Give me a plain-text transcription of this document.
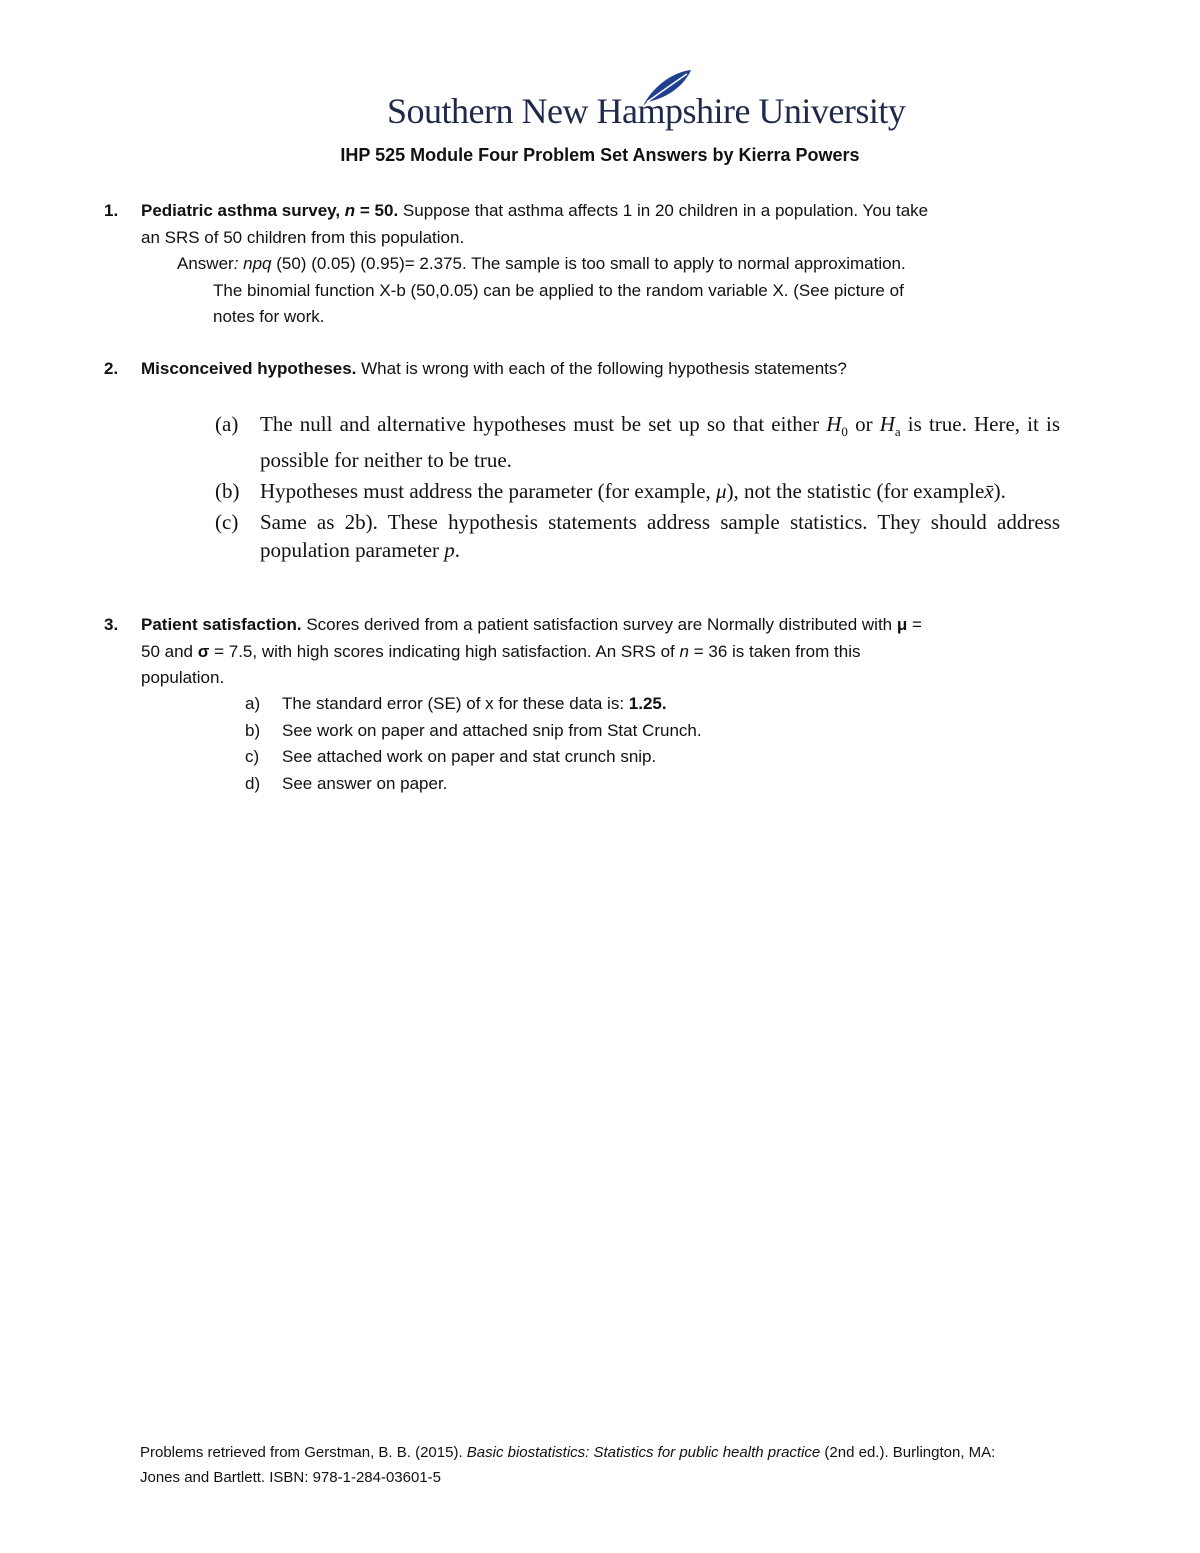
Southern New Hampshire University
IHP 525 Module Four Problem Set Answers by Kierra Powers
1. Pediatric asthma survey, n = 50. Suppose that asthma affects 1 in 20 children in a population. You take
an SRS of 50 children from this population.
Answer: npq (50) (0.05) (0.95)= 2.375. The sample is too small to apply to normal approximation.
The binomial function X-b (50,0.05) can be applied to the random variable X. (See picture of
notes for work.
2. Misconceived hypotheses. What is wrong with each of the following hypothesis statements?
(a) The null and alternative hypotheses must be set up so that either $H_0$ or $H_a$ is true. Here, it is possible for neither to be true.
(b) Hypotheses must address the parameter (for example, μ), not the statistic (for examplex̄).
(c) Same as 2b). These hypothesis statements address sample statistics. They should address population parameter p.
3. Patient satisfaction. Scores derived from a patient satisfaction survey are Normally distributed with μ =
50 and σ = 7.5, with high scores indicating high satisfaction. An SRS of n = 36 is taken from this
population.
a) The standard error (SE) of x for these data is: 1.25.
b) See work on paper and attached snip from Stat Crunch.
c) See attached work on paper and stat crunch snip.
d) See answer on paper.
Problems retrieved from Gerstman, B. B. (2015). Basic biostatistics: Statistics for public health practice (2nd ed.). Burlington, MA:
Jones and Bartlett. ISBN: 978-1-284-03601-5
